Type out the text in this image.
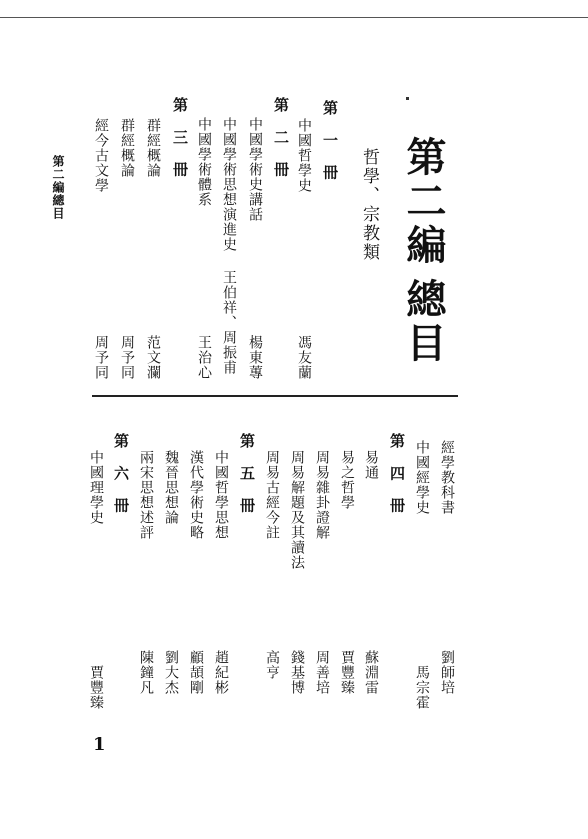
第二編總目	第二編
總目
哲學、宗教類
第 一 冊
中國哲學史
馮友蘭
第 二 冊
中國學術史講話
中國學術思想演進史
中國學術體系
楊東蓴
王伯祥、周振甫
王治心
第 三 冊
群經概論
群經概論
經今古文學
范文瀾
周予同
周予同
經學教科書
中國經學史
劉師培
馬宗霍
第 四 冊
易通
易之哲學
周易雜卦證解
周易解題及其讀法
周易古經今註
蘇淵雷
賈豐臻
周善培
錢基博
高亨
第 五 冊
中國哲學思想
漢代學術史略
魏晉思想論
兩宋思想述評
趙紀彬
顧頡剛
劉大杰
陳鐘凡
第 六 冊
中國理學史
賈豐臻
1
